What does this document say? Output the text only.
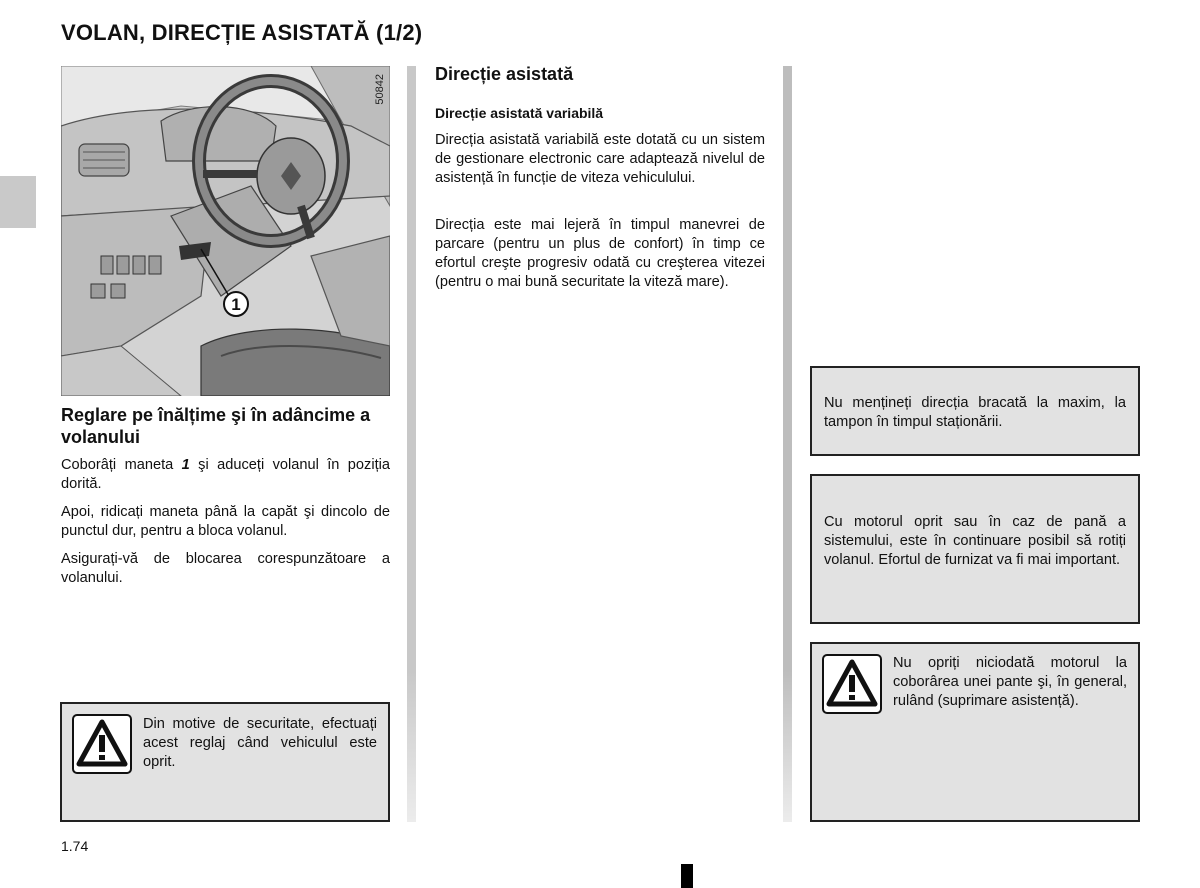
VOLAN, DIRECȚIE ASISTATĂ (1/2)
1
50842
Reglare pe înălțime şi în adâncime a volanului

Coborâți maneta 1 şi aduceți volanul în poziția dorită.

Apoi, ridicați maneta până la capăt şi dincolo de punctul dur, pentru a bloca volanul.

Asigurați-vă de blocarea corespunzătoare a volanului.

Din motive de securitate, efectuați acest reglaj când vehiculul este oprit.
Direcție asistată
Direcție asistată variabilă

Direcția asistată variabilă este dotată cu un sistem de gestionare electronic care adaptează nivelul de asistență în funcție de viteza vehiculului.

Direcția este mai lejeră în timpul manevrei de parcare (pentru un plus de confort) în timp ce efortul creşte progresiv odată cu creşterea vitezei (pentru o mai bună securitate la viteză mare).

Nu mențineți direcția bracată la maxim, la tampon în timpul staționării.
Cu motorul oprit sau în caz de pană a sistemului, este în continuare posibil să rotiți volanul. Efortul de furnizat va fi mai important.
Nu opriți niciodată motorul la coborârea unei pante şi, în general, rulând (suprimare asistență).
1.74
